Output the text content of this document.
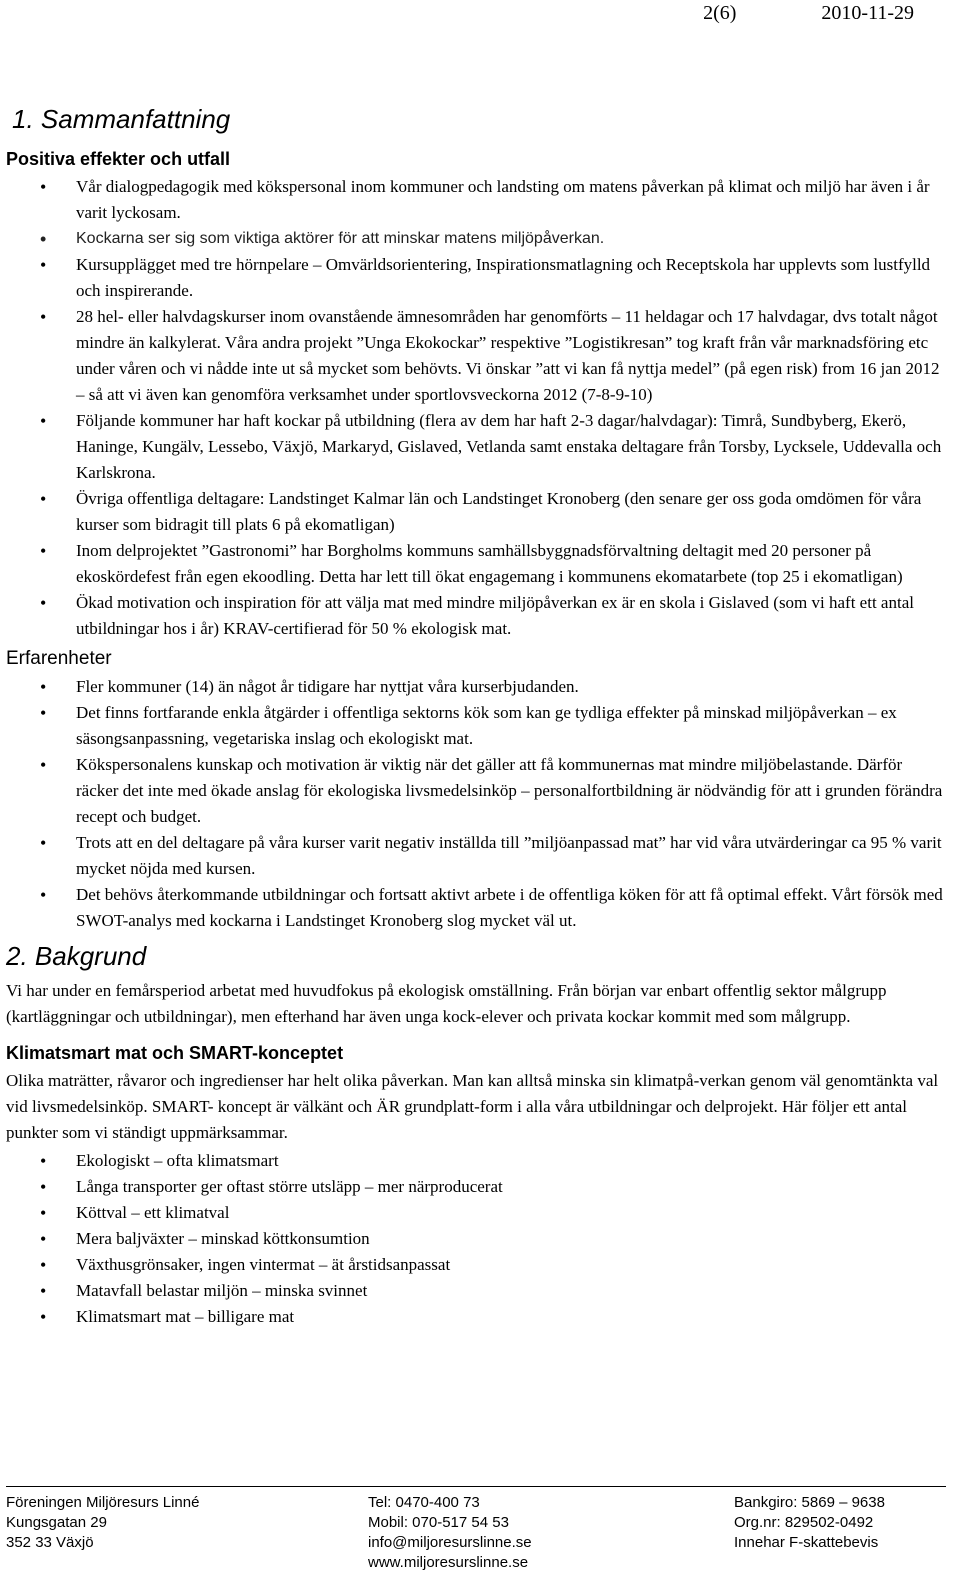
2(6)	2010-11-29
1. Sammanfattning
Positiva effekter och utfall
• Vår dialogpedagogik med kökspersonal inom kommuner och landsting om matens påverkan på klimat och miljö har även i år varit lyckosam.
• Kockarna ser sig som viktiga aktörer för att minskar matens miljöpåverkan.
• Kursupplägget med tre hörnpelare – Omvärldsorientering, Inspirationsmatlagning och Receptskola har upplevts som lustfylld och inspirerande.
• 28 hel- eller halvdagskurser inom ovanstående ämnesområden har genomförts – 11 heldagar och 17 halvdagar, dvs totalt något mindre än kalkylerat. Våra andra projekt ”Unga Ekokockar” respektive ”Logistikresan” tog kraft från vår marknadsföring etc under våren och vi nådde inte ut så mycket som behövts. Vi önskar ”att vi kan få nyttja medel” (på egen risk) from 16 jan 2012 – så att vi även kan genomföra verksamhet under sportlovsveckorna 2012 (7-8-9-10)
• Följande kommuner har haft kockar på utbildning (flera av dem har haft 2-3 dagar/halvdagar): Timrå, Sundbyberg, Ekerö, Haninge, Kungälv, Lessebo, Växjö, Markaryd, Gislaved, Vetlanda samt enstaka deltagare från Torsby, Lycksele, Uddevalla och Karlskrona.
• Övriga offentliga deltagare: Landstinget Kalmar län och Landstinget Kronoberg (den senare ger oss goda omdömen för våra kurser som bidragit till plats 6 på ekomatligan)
• Inom delprojektet ”Gastronomi” har Borgholms kommuns samhällsbyggnadsförvaltning deltagit med 20 personer på ekoskördefest från egen ekoodling. Detta har lett till ökat engagemang i kommunens ekomatarbete (top 25 i ekomatligan)
• Ökad motivation och inspiration för att välja mat med mindre miljöpåverkan ex är en skola i Gislaved (som vi haft ett antal utbildningar hos i år) KRAV-certifierad för 50 % ekologisk mat.
Erfarenheter
• Fler kommuner (14) än något år tidigare har nyttjat våra kurserbjudanden.
• Det finns fortfarande enkla åtgärder i offentliga sektorns kök som kan ge tydliga effekter på minskad miljöpåverkan – ex säsongsanpassning, vegetariska inslag och ekologiskt mat.
• Kökspersonalens kunskap och motivation är viktig när det gäller att få kommunernas mat mindre miljöbelastande. Därför räcker det inte med ökade anslag för ekologiska livsmedelsinköp – personalfortbildning är nödvändig för att i grunden förändra recept och budget.
• Trots att en del deltagare på våra kurser varit negativ inställda till ”miljöanpassad mat” har vid våra utvärderingar ca 95 % varit mycket nöjda med kursen.
• Det behövs återkommande utbildningar och fortsatt aktivt arbete i de offentliga köken för att få optimal effekt. Vårt försök med SWOT-analys med kockarna i Landstinget Kronoberg slog mycket väl ut.
2. Bakgrund

Vi har under en femårsperiod arbetat med huvudfokus på ekologisk omställning. Från början var enbart offentlig sektor målgrupp (kartläggningar och utbildningar), men efterhand har även unga kock-elever och privata kockar kommit med som målgrupp.

Klimatsmart mat och SMART-konceptet

Olika maträtter, råvaror och ingredienser har helt olika påverkan. Man kan alltså minska sin klimatpå-verkan genom väl genomtänkta val vid livsmedelsinköp. SMART- koncept är välkänt och ÄR grundplatt-form i alla våra utbildningar och delprojekt. Här följer ett antal punkter som vi ständigt uppmärksammar.

• Ekologiskt – ofta klimatsmart
• Långa transporter ger oftast större utsläpp – mer närproducerat
• Köttval – ett klimatval
• Mera baljväxter – minskad köttkonsumtion
• Växthusgrönsaker, ingen vintermat – ät årstidsanpassat
• Matavfall belastar miljön – minska svinnet
• Klimatsmart mat – billigare mat
Föreningen Miljöresurs Linné
Kungsgatan 29
352 33 Växjö
Tel: 0470-400 73
Mobil: 070-517 54 53
info@miljoresurslinne.se
www.miljoresurslinne.se
Bankgiro: 5869 – 9638
Org.nr: 829502-0492
Innehar F-skattebevis
